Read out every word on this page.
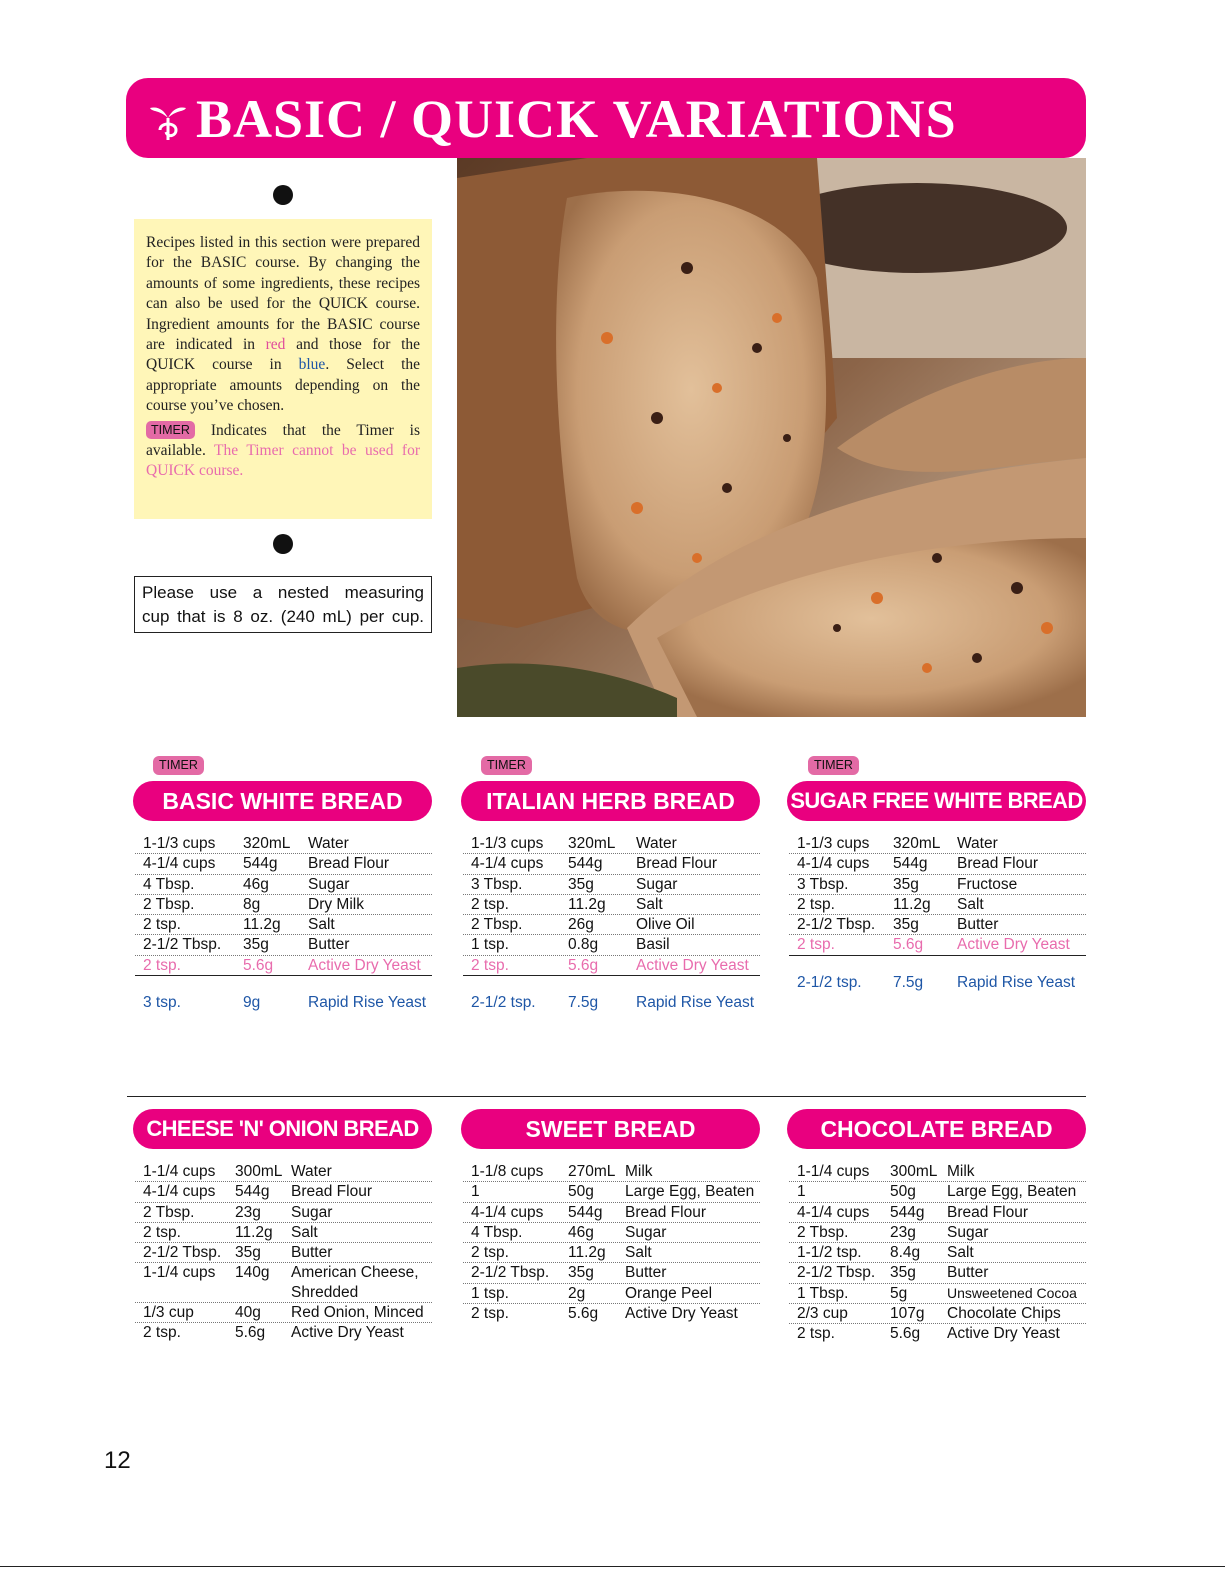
BASIC / QUICK VARIATIONS

Recipes listed in this section were prepared for the BASIC course. By changing the amounts of some ingredients, these recipes can also be used for the QUICK course. Ingredient amounts for the BASIC course are indicated in red and those for the QUICK course in blue. Select the appropriate amounts depending on the course you’ve chosen.

TIMER Indicates that the Timer is available. The Timer cannot be used for QUICK course.

Please use a nested measuring
cup that is 8 oz. (240 mL) per cup.
TIMER
BASIC WHITE BREAD
1-1/3 cups 320mL Water
4-1/4 cups 544g Bread Flour
4 Tbsp.	46g	Sugar
2 Tbsp.	8g	Dry Milk
2 tsp.	11.2g Salt
2-1/2 Tbsp. 35g	Butter
2 tsp.	5.6g Active Dry Yeast
3 tsp.	9g	Rapid Rise Yeast
TIMER
ITALIAN HERB BREAD
1-1/3 cups 320mL Water
4-1/4 cups 544g Bread Flour
3 Tbsp.	35g	Sugar
2 tsp.	11.2g Salt
2 Tbsp.	26g	Olive Oil
1 tsp.	0.8g Basil
2 tsp.	5.6g Active Dry Yeast
2-1/2 tsp. 7.5g Rapid Rise Yeast
TIMER
SUGAR FREE WHITE BREAD
1-1/3 cups 320mL Water
4-1/4 cups 544g Bread Flour
3 Tbsp.	35g Fructose
2 tsp.	11.2g Salt
2-1/2 Tbsp. 35g Butter
2 tsp.	5.6g Active Dry Yeast
2-1/2 tsp. 7.5g Rapid Rise Yeast
CHEESE 'N' ONION BREAD
1-1/4 cups 300mL Water
4-1/4 cups 544g Bread Flour
2 Tbsp.	23g Sugar
2 tsp.	11.2g Salt
2-1/2 Tbsp. 35g Butter
1-1/4 cups 140g American Cheese, Shredded
1/3 cup	40g Red Onion, Minced
2 tsp.	5.6g Active Dry Yeast
SWEET BREAD
1-1/8 cups 270mL Milk
1	50g Large Egg, Beaten
4-1/4 cups 544g Bread Flour
4 Tbsp.	46g Sugar
2 tsp.	11.2g Salt
2-1/2 Tbsp. 35g Butter
1 tsp.	2g	Orange Peel
2 tsp.	5.6g Active Dry Yeast
CHOCOLATE BREAD
1-1/4 cups 300mL Milk
1	50g Large Egg, Beaten
4-1/4 cups 544g Bread Flour
2 Tbsp.	23g Sugar
1-1/2 tsp. 8.4g Salt
2-1/2 Tbsp. 35g Butter
1 Tbsp.	5g	Unsweetened Cocoa
2/3 cup	107g Chocolate Chips
2 tsp.	5.6g Active Dry Yeast
12
